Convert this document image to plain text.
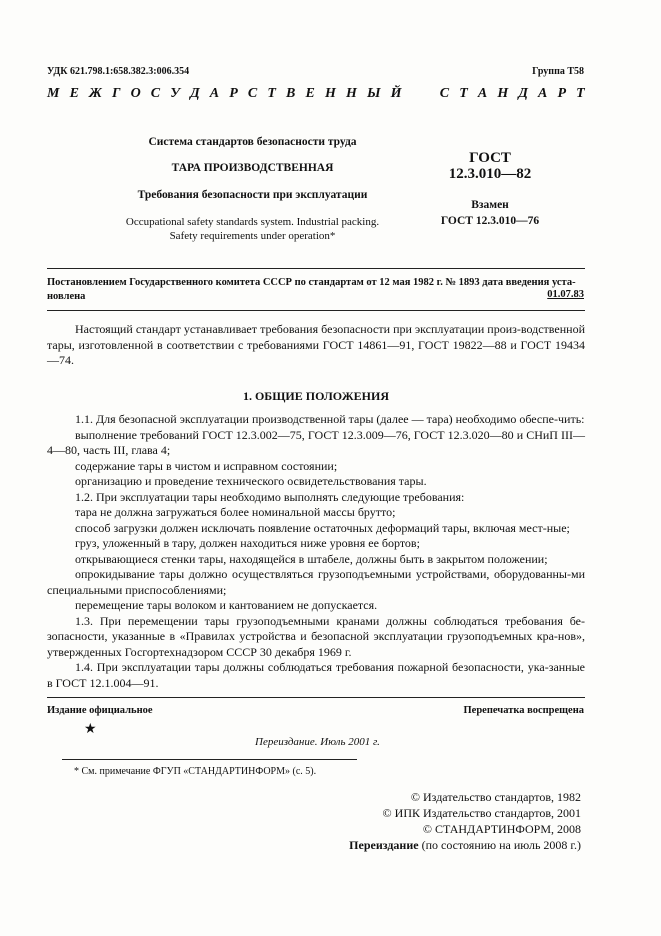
УДК 621.798.1:658.382.3:006.354	Группа Т58
М Е Ж Г О С У Д А Р С Т В Е Н Н Ы Й	С Т А Н Д А Р Т
Система стандартов безопасности труда
ТАРА ПРОИЗВОДСТВЕННАЯ
Требования безопасности при эксплуатации
Occupational safety standards system. Industrial packing.
Safety requirements under operation*
ГОСТ
12.3.010—82
Взамен
ГОСТ 12.3.010—76
Постановлением Государственного комитета СССР по стандартам от 12 мая 1982 г. № 1893 дата введения уста-
новлена	01.07.83
Настоящий стандарт устанавливает требования безопасности при эксплуатации произ-водственной тары, изготовленной в соответствии с требованиями ГОСТ 14861—91, ГОСТ 19822—88 и ГОСТ 19434—74.
1. ОБЩИЕ ПОЛОЖЕНИЯ

1.1. Для безопасной эксплуатации производственной тары (далее — тара) необходимо обеспе-чить:

выполнение требований ГОСТ 12.3.002—75, ГОСТ 12.3.009—76, ГОСТ 12.3.020—80 и СНиП III—4—80, часть III, глава 4;

содержание тары в чистом и исправном состоянии;

организацию и проведение технического освидетельствования тары.

1.2. При эксплуатации тары необходимо выполнять следующие требования:

тара не должна загружаться более номинальной массы брутто;

способ загрузки должен исключать появление остаточных деформаций тары, включая мест-ные;

груз, уложенный в тару, должен находиться ниже уровня ее бортов;

открывающиеся стенки тары, находящейся в штабеле, должны быть в закрытом положении;

опрокидывание тары должно осуществляться грузоподъемными устройствами, оборудованны-ми специальными приспособлениями;

перемещение тары волоком и кантованием не допускается.

1.3. При перемещении тары грузоподъемными кранами должны соблюдаться требования бе-зопасности, указанные в «Правилах устройства и безопасной эксплуатации грузоподъемных кра-нов», утвержденных Госгортехнадзором СССР 30 декабря 1969 г.

1.4. При эксплуатации тары должны соблюдаться требования пожарной безопасности, ука-занные в ГОСТ 12.1.004—91.

Издание официальное	Перепечатка воспрещена
★
Переиздание. Июль 2001 г.
* См. примечание ФГУП «СТАНДАРТИНФОРМ» (с. 5).
© Издательство стандартов, 1982
© ИПК Издательство стандартов, 2001
© СТАНДАРТИНФОРМ, 2008
Переиздание (по состоянию на июль 2008 г.)
